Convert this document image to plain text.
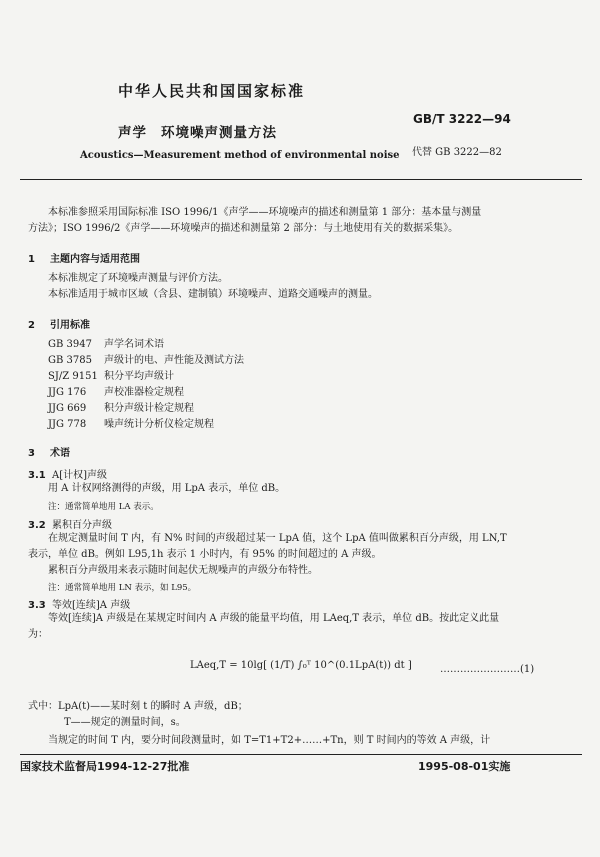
中华人民共和国国家标准
GB/T 3222—94
声学 环境噪声测量方法
代替 GB 3222—82
Acoustics—Measurement method of environmental noise
本标准参照采用国际标准 ISO 1996/1《声学——环境噪声的描述和测量第 1 部分：基本量与测量
方法》；ISO 1996/2《声学——环境噪声的描述和测量第 2 部分：与土地使用有关的数据采集》。
1 主题内容与适用范围
本标准规定了环境噪声测量与评价方法。
本标准适用于城市区域（含县、建制镇）环境噪声、道路交通噪声的测量。
2 引用标准
GB 3947 声学名词术语
GB 3785 声级计的电、声性能及测试方法
SJ/Z 9151 积分平均声级计
JJG 176 声校准器检定规程
JJG 669 积分声级计检定规程
JJG 778 噪声统计分析仪检定规程
3 术语
3.1 A[计权]声级
用 A 计权网络测得的声级，用 LpA 表示，单位 dB。
注：通常简单地用 LA 表示。
3.2 累积百分声级
在规定测量时间 T 内，有 N% 时间的声级超过某一 LpA 值，这个 LpA 值叫做累积百分声级，用 LN,T
表示，单位 dB。例如 L95,1h 表示 1 小时内，有 95% 的时间超过的 A 声级。
累积百分声级用来表示随时间起伏无规噪声的声级分布特性。
注：通常简单地用 LN 表示，如 L95。
3.3 等效[连续]A 声级
等效[连续]A 声级是在某规定时间内 A 声级的能量平均值，用 LAeq,T 表示，单位 dB。按此定义此量
为：
LAeq,T = 10lg[ (1/T) ∫₀ᵀ 10^(0.1LpA(t)) dt ]	……………………(1)
式中：LpA(t)——某时刻 t 的瞬时 A 声级，dB；
T——规定的测量时间，s。
当规定的时间 T 内，要分时间段测量时，如 T=T1+T2+……+Tn，则 T 时间内的等效 A 声级，计
国家技术监督局1994-12-27批准	1995-08-01实施
